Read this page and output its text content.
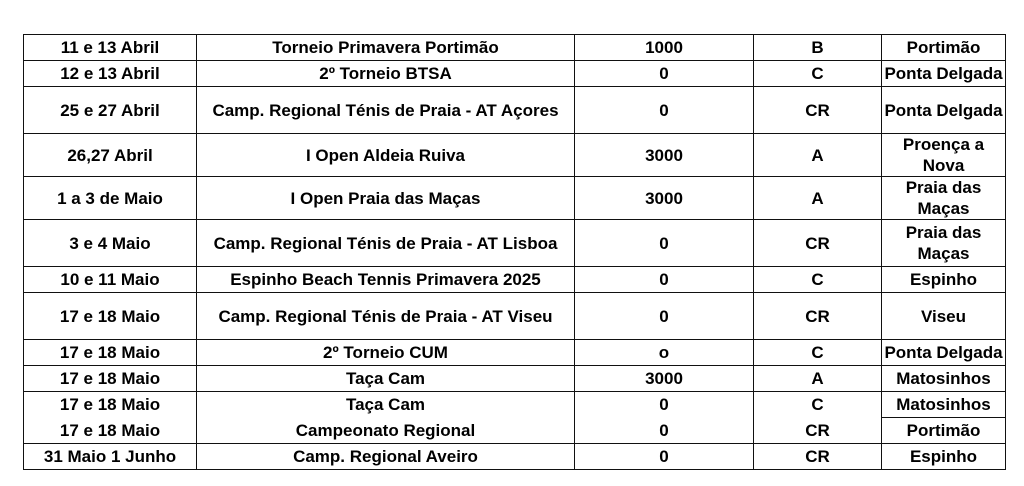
11 e 13 Abril	Torneio Primavera Portimão	1000	B	Portimão
12 e 13 Abril	2º Torneio BTSA	0	C	Ponta Delgada
25 e 27 Abril	Camp. Regional Ténis de Praia - AT Açores	0	CR	Ponta Delgada
26,27 Abril	I Open Aldeia Ruiva	3000	A	Proença a Nova
1 a 3 de Maio	I Open Praia das Maças	3000	A	Praia das Maças
3 e 4 Maio	Camp. Regional Ténis de Praia - AT Lisboa	0	CR	Praia das Maças
10 e 11 Maio	Espinho Beach Tennis Primavera 2025	0	C	Espinho
17 e 18 Maio	Camp. Regional Ténis de Praia - AT Viseu	0	CR	Viseu
17 e 18 Maio	2º Torneio CUM	o	C	Ponta Delgada
17 e 18 Maio	Taça Cam	3000	A	Matosinhos
17 e 18 Maio	Taça Cam	0	C	Matosinhos
17 e 18 Maio	Campeonato Regional	0	CR	Portimão
31 Maio 1 Junho	Camp. Regional Aveiro	0	CR	Espinho
